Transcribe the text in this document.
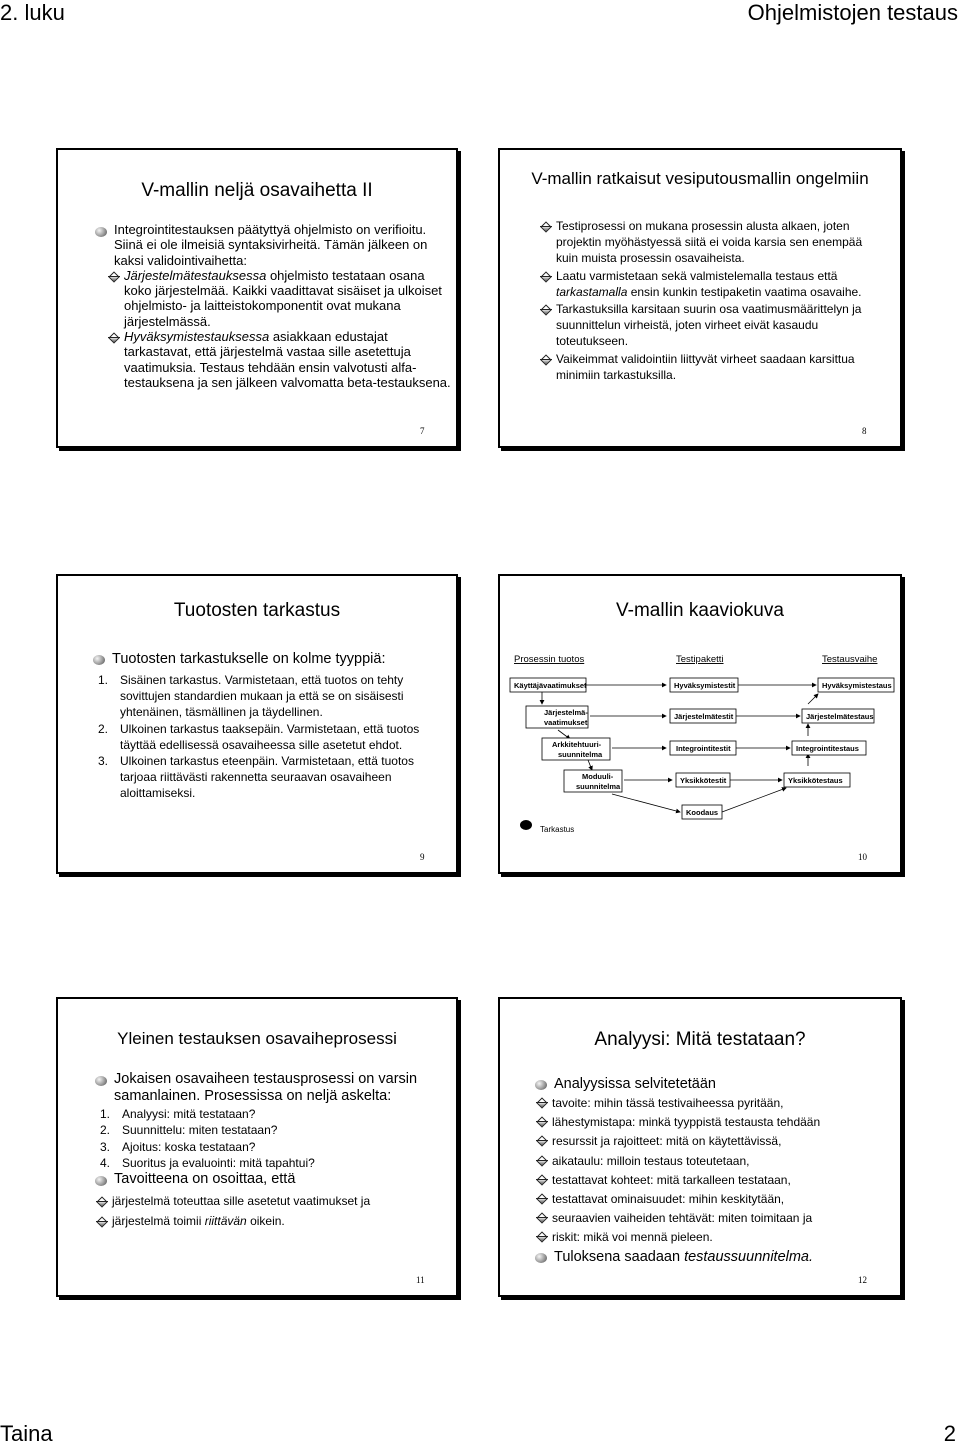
2. luku	Ohjelmistojen testaus
V-mallin neljä osavaihetta II
Integrointitestauksen päätyttyä ohjelmisto on verifioitu. Siinä ei ole ilmeisiä syntaksivirheitä. Tämän jälkeen on kaksi validointivaihetta:
Järjestelmätestauksessa ohjelmisto testataan osana koko järjestelmää. Kaikki vaadittavat sisäiset ja ulkoiset ohjelmisto- ja laitteistokomponentit ovat mukana järjestelmässä.
Hyväksymistestauksessa asiakkaan edustajat tarkastavat, että järjestelmä vastaa sille asetettuja vaatimuksia. Testaus tehdään ensin valvotusti alfa-testauksena ja sen jälkeen valvomatta beta-testauksena.
7
V-mallin ratkaisut vesiputousmallin ongelmiin
Testiprosessi on mukana prosessin alusta alkaen, joten projektin myöhästyessä siitä ei voida karsia sen enempää kuin muista prosessin osavaiheista.
Laatu varmistetaan sekä valmistelemalla testaus että tarkastamalla ensin kunkin testipaketin vaatima osavaihe.
Tarkastuksilla karsitaan suurin osa vaatimusmäärittelyn ja suunnittelun virheistä, joten virheet eivät kasaudu toteutukseen.
Vaikeimmat validointiin liittyvät virheet saadaan karsittua minimiin tarkastuksilla.
8
Tuotosten tarkastus
Tuotosten tarkastukselle on kolme tyyppiä:
1. Sisäinen tarkastus. Varmistetaan, että tuotos on tehty sovittujen standardien mukaan ja että se on sisäisesti yhtenäinen, täsmällinen ja täydellinen.
2. Ulkoinen tarkastus taaksepäin. Varmistetaan, että tuotos täyttää edellisessä osavaiheessa sille asetetut ehdot.
3. Ulkoinen tarkastus eteenpäin. Varmistetaan, että tuotos tarjoaa riittävästi rakennetta seuraavan osavaiheen aloittamiseksi.
9
V-mallin kaaviokuva
Prosessin tuotos	Testipaketti	Testausvaihe
Käyttäjävaatimukset
Järjestelmä-
vaatimukset
Arkkitehtuuri-
suunnitelma
Moduuli-
suunnitelma
Hyväksymistestit
Järjestelmätestit
Integrointitestit
Yksikkötestit
Koodaus
Hyväksymistestaus
Järjestelmätestaus
Integrointitestaus
Yksikkötestaus
Tarkastus
10
Yleinen testauksen osavaiheprosessi
Jokaisen osavaiheen testausprosessi on varsin samanlainen. Prosessissa on neljä askelta:
1. Analyysi: mitä testataan?
2. Suunnittelu: miten testataan?
3. Ajoitus: koska testataan?
4. Suoritus ja evaluointi: mitä tapahtui?
Tavoitteena on osoittaa, että
järjestelmä toteuttaa sille asetetut vaatimukset ja
järjestelmä toimii riittävän oikein.
11
Analyysi: Mitä testataan?
Analyysissa selvitetetään
tavoite: mihin tässä testivaiheessa pyritään,
lähestymistapa: minkä tyyppistä testausta tehdään
resurssit ja rajoitteet: mitä on käytettävissä,
aikataulu: milloin testaus toteutetaan,
testattavat kohteet: mitä tarkalleen testataan,
testattavat ominaisuudet: mihin keskitytään,
seuraavien vaiheiden tehtävät: miten toimitaan ja
riskit: mikä voi mennä pieleen.
Tuloksena saadaan testaussuunnitelma.
12
Taina	2
